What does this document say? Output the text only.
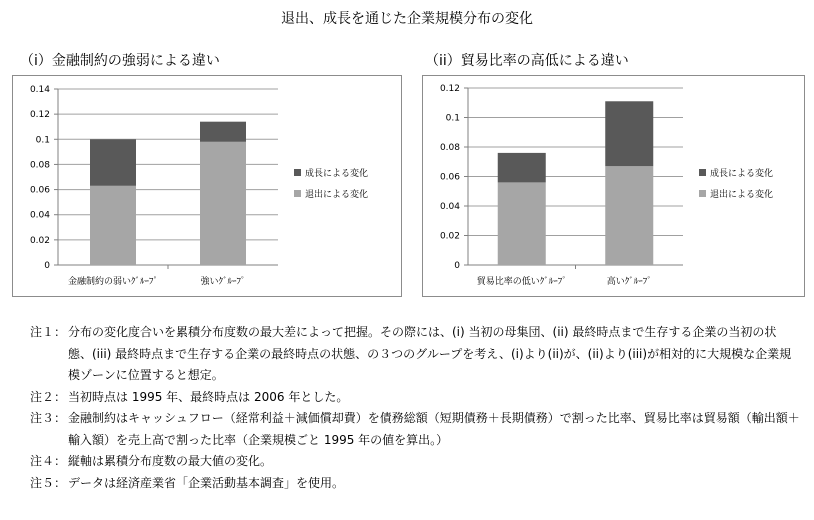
退出、成長を通じた企業規模分布の変化
（i）金融制約の強弱による違い	（ii）貿易比率の高低による違い
0
0.02
0.04
0.06
0.08
0.1
0.12
0.14
金融制約の弱いｸﾞﾙｰﾌﾟ	強いｸﾞﾙｰﾌﾟ
成長による変化
退出による変化
0
0.02
0.04
0.06
0.08
0.1
0.12
貿易比率の低いｸﾞﾙｰﾌﾟ	高いｸﾞﾙｰﾌﾟ
成長による変化
退出による変化
注１： 分布の変化度合いを累積分布度数の最大差によって把握。その際には、(i) 当初の母集団、(ii) 最終時点まで生存する企業の当初の状態、(iii) 最終時点まで生存する企業の最終時点の状態、の３つのグループを考え、(i)より(ii)が、(ii)より(iii)が相対的に大規模な企業規模ゾーンに位置すると想定。
注２： 当初時点は 1995 年、最終時点は 2006 年とした。
注３： 金融制約はキャッシュフロー（経常利益＋減価償却費）を債務総額（短期債務＋長期債務）で割った比率、貿易比率は貿易額（輸出額＋輸入額）を売上高で割った比率（企業規模ごと 1995 年の値を算出。）
注４： 縦軸は累積分布度数の最大値の変化。
注５： データは経済産業省「企業活動基本調査」を使用。
